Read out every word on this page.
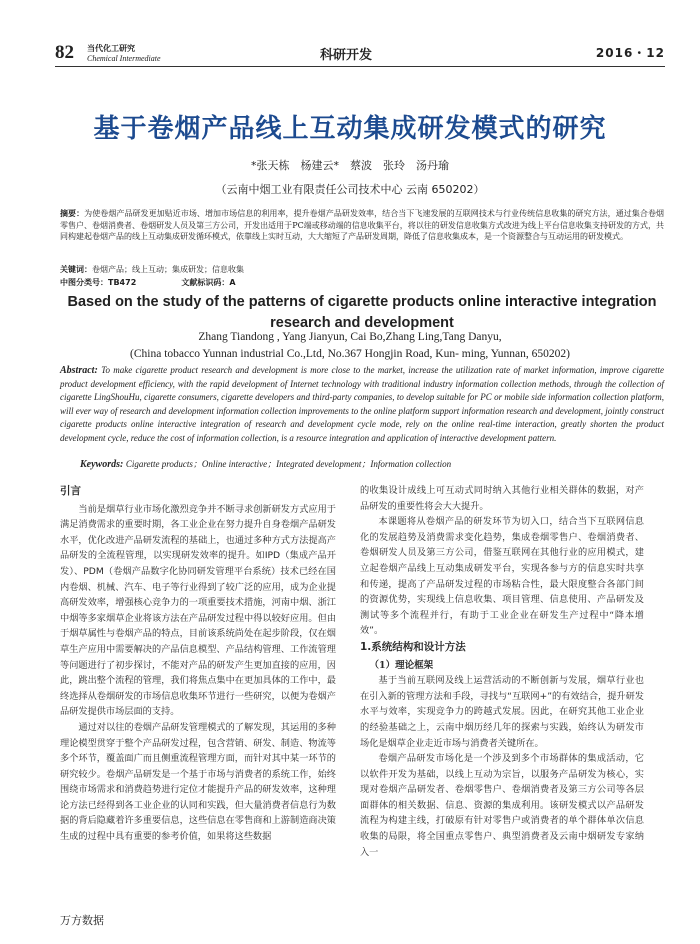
82 当代化工研究
Chemical Intermediate	科研开发	2016・12
基于卷烟产品线上互动集成研发模式的研究
*张天栋　杨建云*　蔡波　张玲　汤丹瑜
（云南中烟工业有限责任公司技术中心 云南 650202）
摘要：为使卷烟产品研发更加贴近市场、增加市场信息的利用率，提升卷烟产品研发效率，结合当下飞速发展的互联网技术与行业传统信息收集的研究方法，通过集合卷烟零售户、卷烟消费者、卷烟研发人员及第三方公司，开发出适用于PC端或移动端的信息收集平台，将以往的研发信息收集方式改进为线上平台信息收集支持研发的方式，共同构建起卷烟产品的线上互动集成研发循环模式，依靠线上实时互动，大大缩短了产品研发周期，降低了信息收集成本，是一个资源整合与互动运用的研发模式。
关键词：卷烟产品；线上互动；集成研发；信息收集
中图分类号：TB472	文献标识码：A
Based on the study of the patterns of cigarette products online interactive integration research and development
Zhang Tiandong , Yang Jianyun, Cai Bo,Zhang Ling,Tang Danyu,
(China tobacco Yunnan industrial Co.,Ltd, No.367 Hongjin Road, Kun- ming, Yunnan, 650202)
Abstract: To make cigarette product research and development is more close to the market, increase the utilization rate of market information, improve cigarette product development efficiency, with the rapid development of Internet technology with traditional industry information collection methods, through the collection of cigarette LingShouHu, cigarette consumers, cigarette developers and third-party companies, to develop suitable for PC or mobile side information collection platform, will ever way of research and development information collection improvements to the online platform support information research and development, jointly construct cigarette products online interactive integration of research and development cycle mode, rely on the online real-time interaction, greatly shorten the product development cycle, reduce the cost of information collection, is a resource integration and application of interactive development pattern.
Keywords: Cigarette products；Online interactive；Integrated development；Information collection

引言

当前是烟草行业市场化激烈竞争并不断寻求创新研发方式应用于满足消费需求的重要时期，各工业企业在努力提升自身卷烟产品研发水平，优化改进产品研发流程的基础上，也通过多种方式方法提高产品研发的全流程管理，以实现研发效率的提升。如IPD（集成产品开发）、PDM（卷烟产品数字化协同研发管理平台系统）技术已经在国内卷烟、机械、汽车、电子等行业得到了较广泛的应用，成为企业提高研发效率，增强核心竞争力的一项重要技术措施，河南中烟、浙江中烟等多家烟草企业将该方法在产品研发过程中得以较好应用。但由于烟草属性与卷烟产品的特点，目前该系统尚处在起步阶段，仅在烟草生产应用中需要解决的产品信息模型、产品结构管理、工作流管理等问题进行了初步探讨，不能对产品的研发产生更加直接的应用，因此，跳出整个流程的管理，我们将焦点集中在更加具体的工作中，最终选择从卷烟研发的市场信息收集环节进行一些研究，以便为卷烟产品研发提供市场层面的支持。

通过对以往的卷烟产品研发管理模式的了解发现，其运用的多种理论模型贯穿于整个产品研发过程，包含营销、研发、制造、物流等多个环节，覆盖面广而且侧重流程管理方面，而针对其中某一环节的研究较少。卷烟产品研发是一个基于市场与消费者的系统工作，始终围绕市场需求和消费趋势进行定位才能提升产品的研发效率，这种理论方法已经得到各工业企业的认同和实践，但大量消费者信息行为数据的背后隐藏着许多重要信息，这些信息在零售商和上游制造商决策生成的过程中具有重要的参考价值，如果将这些数据

的收集设计成线上可互动式同时纳入其他行业相关群体的数据，对产品研发的重要性将会大大提升。

本课题将从卷烟产品的研发环节为切入口，结合当下互联网信息化的发展趋势及消费需求变化趋势，集成卷烟零售户、卷烟消费者、卷烟研发人员及第三方公司，借鉴互联网在其他行业的应用模式，建立起卷烟产品线上互动集成研发平台，实现各参与方的信息实时共享和传递，提高了产品研发过程的市场粘合性，最大限度整合各部门间的资源优势，实现线上信息收集、项目管理、信息使用、产品研发及测试等多个流程并行，有助于工业企业在研发生产过程中“降本增效”。

1.系统结构和设计方法

（1）理论框架

基于当前互联网及线上运营活动的不断创新与发展，烟草行业也在引入新的管理方法和手段，寻找与“互联网+”的有效结合，提升研发水平与效率，实现竞争力的跨越式发展。因此，在研究其他工业企业的经验基础之上，云南中烟历经几年的探索与实践，始终认为研发市场化是烟草企业走近市场与消费者关键所在。

卷烟产品研发市场化是一个涉及到多个市场群体的集成活动，它以软件开发为基础，以线上互动为宗旨，以服务产品研发为核心，实现对卷烟产品研发者、卷烟零售户、卷烟消费者及第三方公司等各层面群体的相关数据、信息、资源的集成利用。该研发模式以产品研发流程为构建主线，打破原有针对零售户或消费者的单个群体单次信息收集的局限，将全国重点零售户、典型消费者及云南中烟研发专家纳入一

万方数据
